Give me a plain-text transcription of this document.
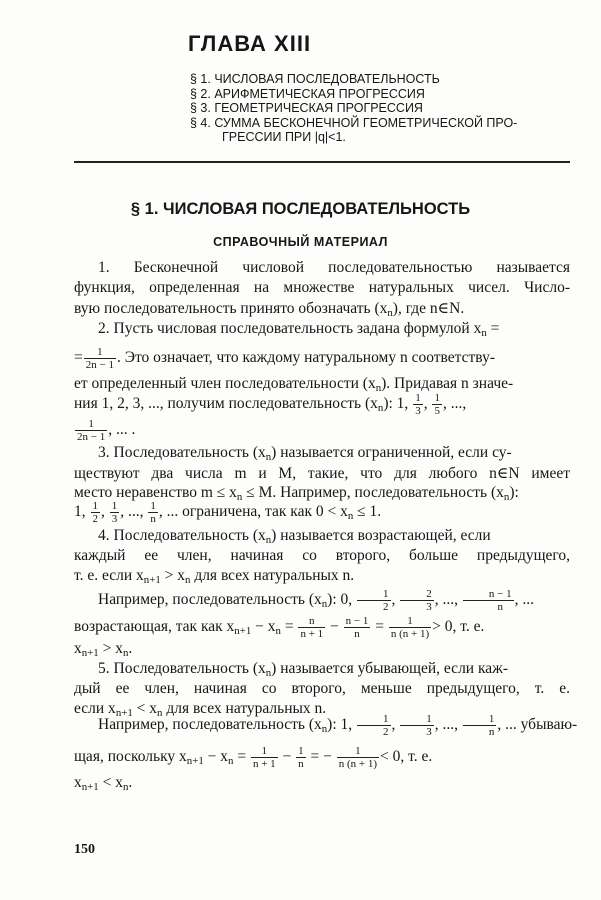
ГЛАВА XIII
§ 1. ЧИСЛОВАЯ ПОСЛЕДОВАТЕЛЬНОСТЬ
§ 2. АРИФМЕТИЧЕСКАЯ ПРОГРЕССИЯ
§ 3. ГЕОМЕТРИЧЕСКАЯ ПРОГРЕССИЯ
§ 4. СУММА БЕСКОНЕЧНОЙ ГЕОМЕТРИЧЕСКОЙ ПРО-
ГРЕССИИ ПРИ |q|<1.
§ 1. ЧИСЛОВАЯ ПОСЛЕДОВАТЕЛЬНОСТЬ
СПРАВОЧНЫЙ МАТЕРИАЛ
1. Бесконечной числовой последовательностью называется
функция, определенная на множестве натуральных чисел. Число-
вую последовательность принято обозначать $(x_n)$, где n∈N.
2. Пусть числовая последовательность задана формулой $x_n$ =
= $\frac{1}{2n - 1}$ . Это означает, что каждому натуральному n соответству-
ет определенный член последовательности $(x_n)$. Придавая n значе-
ния 1, 2, 3, ..., получим последовательность $(x_n)$: 1, $\frac{1}{3}$ , $\frac{1}{5}$ , ...,
$\frac{1}{2n - 1}$ , ... .
3. Последовательность $(x_n)$ называется ограниченной, если су-
ществуют два числа m и M, такие, что для любого n∈N имеет
место неравенство $m \le x_n \le M$. Например, последовательность $(x_n)$:
1, $\frac{1}{2}$ , $\frac{1}{3}$ , ..., $\frac{1}{n}$ , ... ограничена, так как $0 < x_n \le 1$.
4. Последовательность $(x_n)$ называется возрастающей, если
каждый ее член, начиная со второго, больше предыдущего,
т. е. если $x_{n+1} > x_n$ для всех натуральных n.
Например, последовательность $(x_n)$: 0, $\frac{1}{2}$ , $\frac{2}{3}$ , ..., $\frac{n - 1}{n}$ , ...
возрастающая, так как $x_{n+1} - x_n = \frac{n}{n + 1} - \frac{n - 1}{n} = \frac{1}{n (n + 1)} > 0$, т. е.
$x_{n+1} > x_n$.
5. Последовательность $(x_n)$ называется убывающей, если каж-
дый ее член, начиная со второго, меньше предыдущего, т. е.
если $x_{n+1} < x_n$ для всех натуральных n.
Например, последовательность $(x_n)$: 1, $\frac{1}{2}$ , $\frac{1}{3}$ , ..., $\frac{1}{n}$ , ... убываю-
щая, поскольку $x_{n+1} - x_n = \frac{1}{n + 1} - \frac{1}{n}$ = − $\frac{1}{n (n + 1)} < 0$, т. е.
$x_{n+1} < x_n$.
150
